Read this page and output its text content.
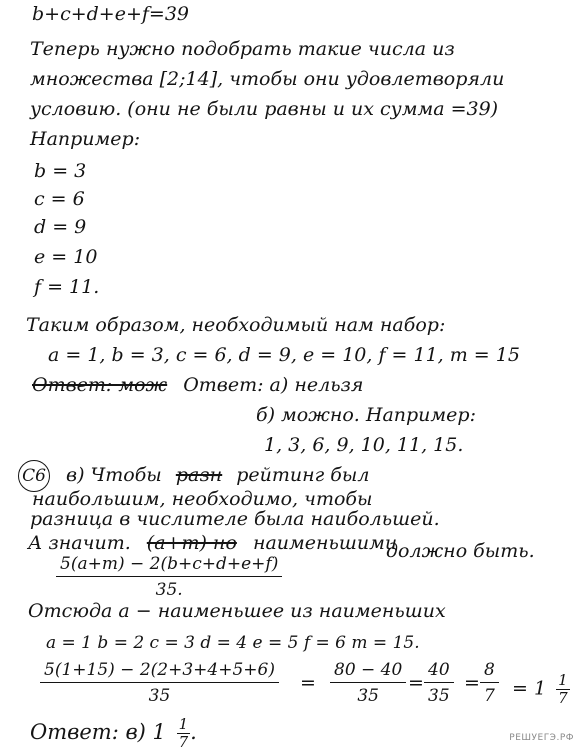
b+c+d+e+f=39
Теперь нужно подобрать такие числа из
множества [2;14], чтобы они удовлетворяли
условию. (они не были равны и их сумма =39)
Например:
b = 3
c = 6
d = 9
e = 10
f = 11.
Таким образом, необходимый нам набор:
a = 1, b = 3, c = 6, d = 9, e = 10, f = 11, m = 15
Ответ: мож Ответ: а) нельзя
б) можно. Например:
1, 3, 6, 9, 10, 11, 15.
С6 в) Чтобы разн рейтинг был
наибольшим, необходимо, чтобы
разница в числителе была наибольшей.
А значит. (a+m) но наименьшими
должно быть.
$\frac{5(a+m) - 2(b+c+d+e+f)}{35.}$
Отсюда a − наименьшее из наименьших
a = 1 b = 2 c = 3 d = 4 e = 5 f = 6 m = 15.
$\frac{5(1+15) - 2(2+3+4+5+6)}{35} = \frac{80 - 40}{35} = \frac{40}{35} = \frac{8}{7} = 1 \frac{1}{7}$
Ответ: в) $1 \frac{1}{7}$ .	РЕШУЕГЭ.РФ
